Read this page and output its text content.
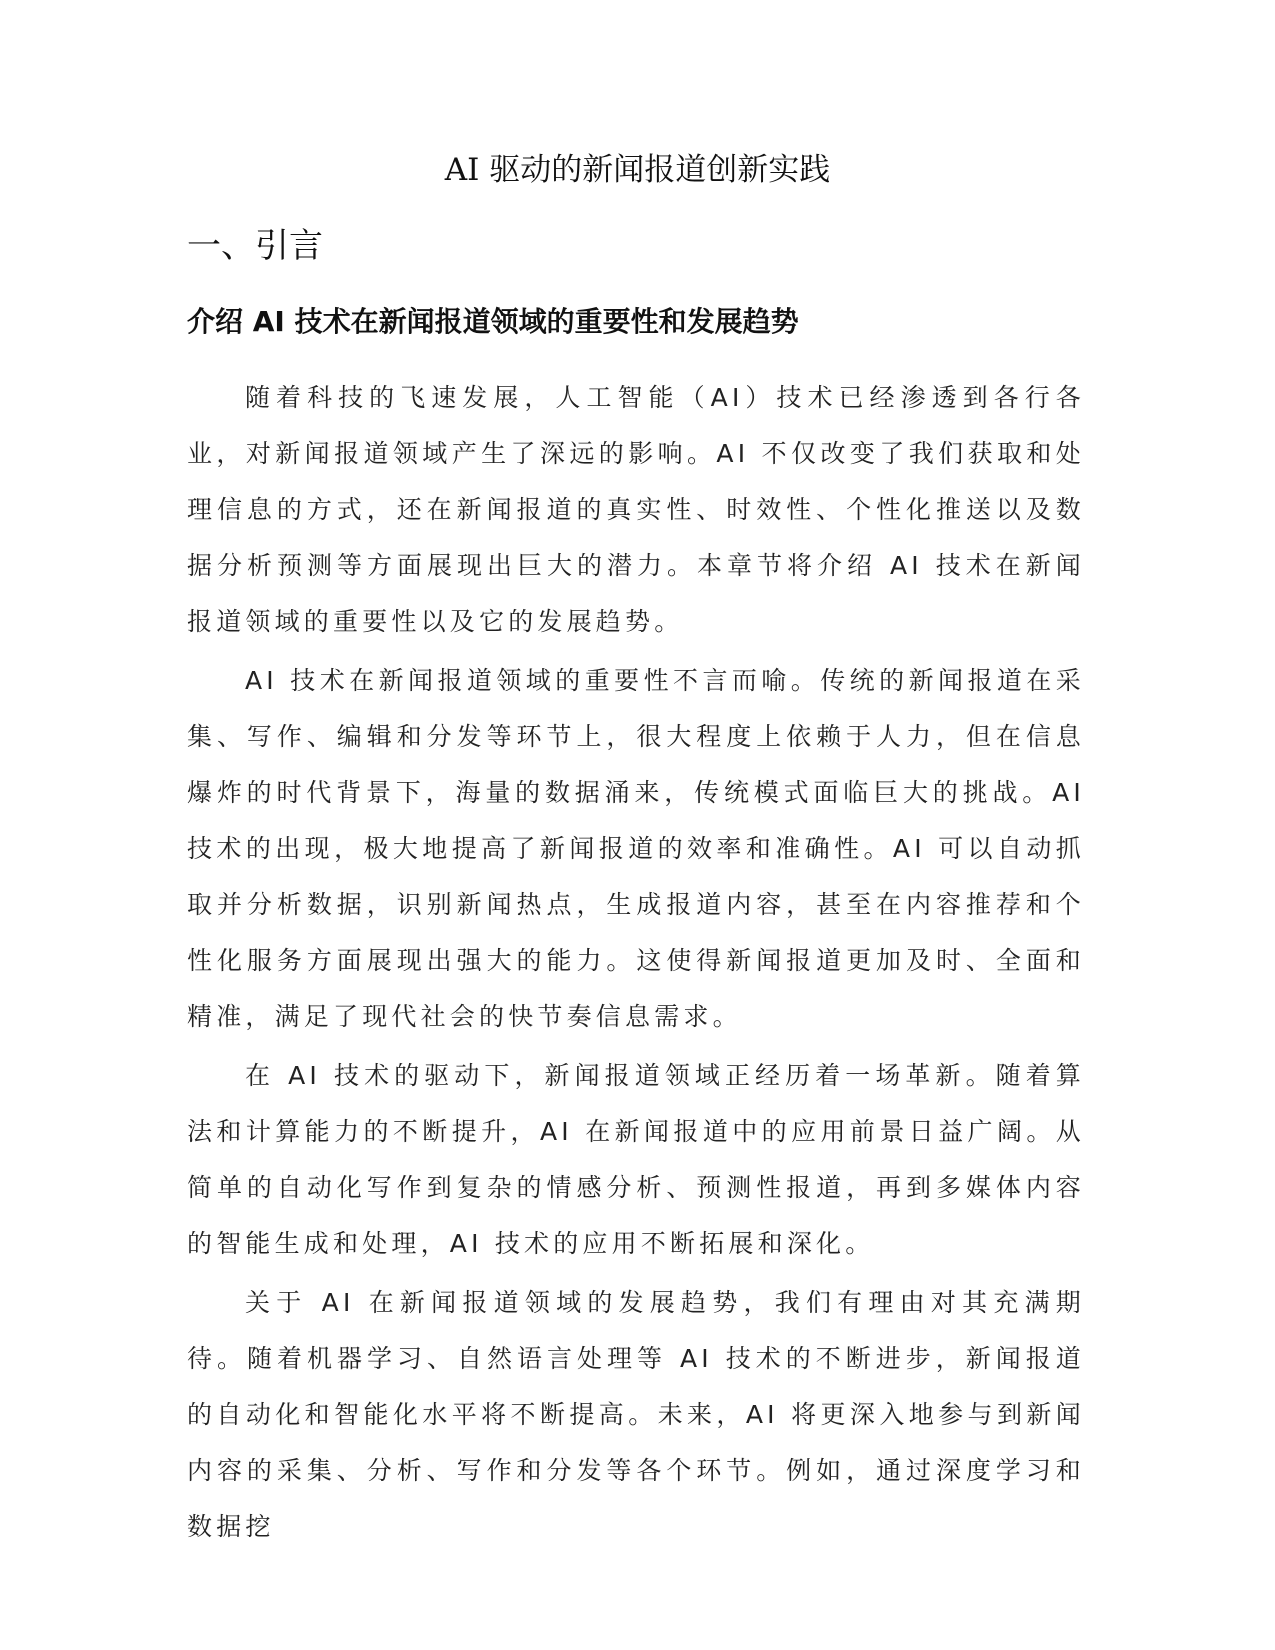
AI 驱动的新闻报道创新实践
一、引言
介绍 AI 技术在新闻报道领域的重要性和发展趋势

随着科技的飞速发展，人工智能（AI）技术已经渗透到各行各业，对新闻报道领域产生了深远的影响。AI 不仅改变了我们获取和处理信息的方式，还在新闻报道的真实性、时效性、个性化推送以及数据分析预测等方面展现出巨大的潜力。本章节将介绍 AI 技术在新闻报道领域的重要性以及它的发展趋势。

AI 技术在新闻报道领域的重要性不言而喻。传统的新闻报道在采集、写作、编辑和分发等环节上，很大程度上依赖于人力，但在信息爆炸的时代背景下，海量的数据涌来，传统模式面临巨大的挑战。AI 技术的出现，极大地提高了新闻报道的效率和准确性。AI 可以自动抓取并分析数据，识别新闻热点，生成报道内容，甚至在内容推荐和个性化服务方面展现出强大的能力。这使得新闻报道更加及时、全面和精准，满足了现代社会的快节奏信息需求。

在 AI 技术的驱动下，新闻报道领域正经历着一场革新。随着算法和计算能力的不断提升，AI 在新闻报道中的应用前景日益广阔。从简单的自动化写作到复杂的情感分析、预测性报道，再到多媒体内容的智能生成和处理，AI 技术的应用不断拓展和深化。

关于 AI 在新闻报道领域的发展趋势，我们有理由对其充满期待。随着机器学习、自然语言处理等 AI 技术的不断进步，新闻报道的自动化和智能化水平将不断提高。未来，AI 将更深入地参与到新闻内容的采集、分析、写作和分发等各个环节。例如，通过深度学习和数据挖
